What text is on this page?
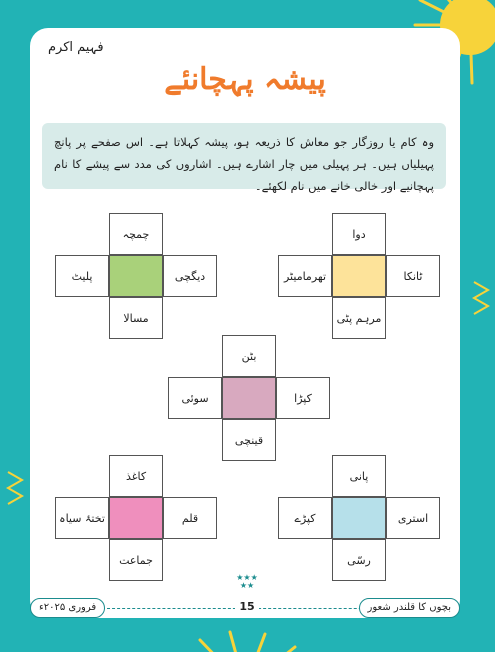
فہیم اکرم
پیشہ پہچانئے
وہ کام یا روزگار جو معاش کا ذریعہ ہو، پیشہ کہلاتا ہے۔ اس صفحے پر پانچ پہیلیاں ہیں۔ ہر پہیلی میں چار اشارے ہیں۔ اشاروں کی مدد سے پیشے کا نام پہچانیے اور خالی خانے میں نام لکھئے۔
چمچہ
دیگچی
پلیٹ
مسالا
دوا
ٹانکا
تھرمامیٹر
مرہم پٹی
بٹن
کپڑا
سوئی
قینچی
کاغذ
قلم
تختۂ سیاہ
جماعت
پانی
استری
کپڑے
رسّی
★★★
★★
فروری ۲۰۲۵ء	15	بچوں کا قلندر شعور
